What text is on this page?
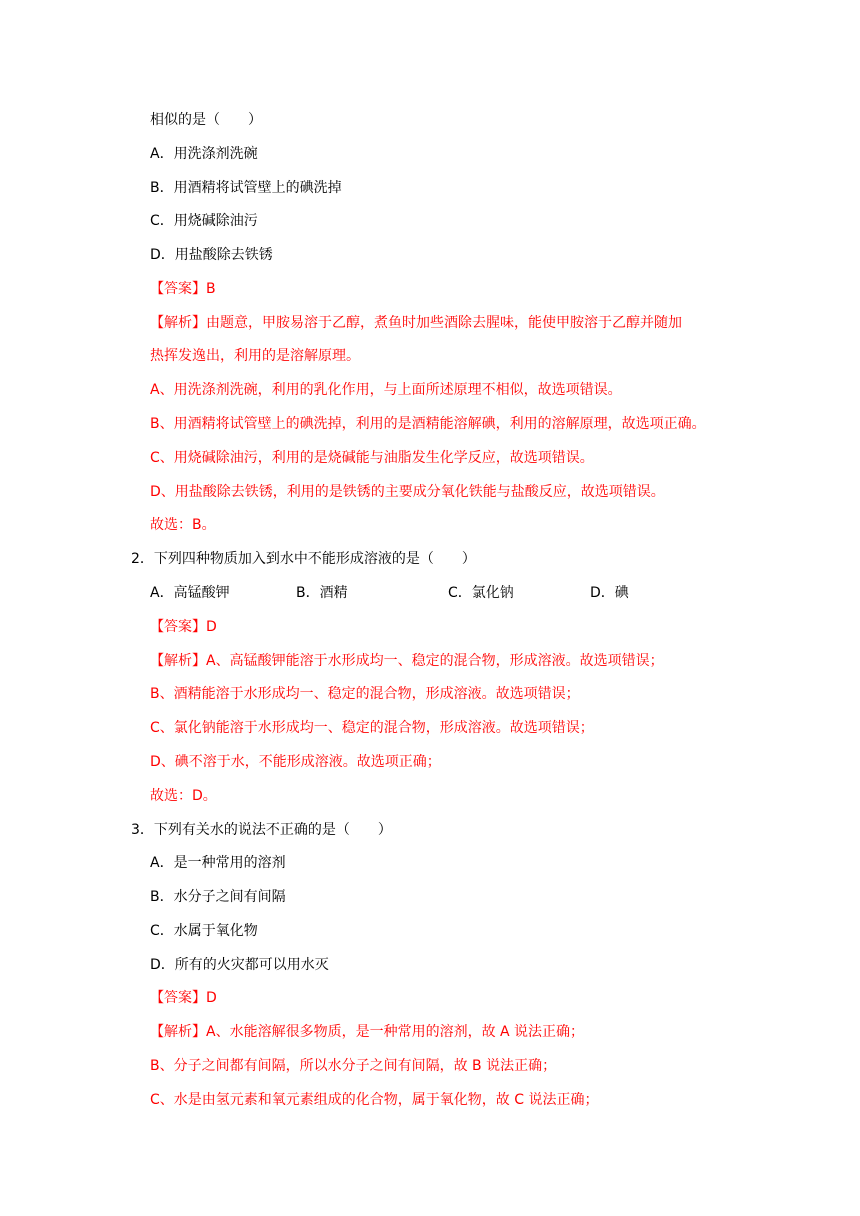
相似的是（　　）
A．用洗涤剂洗碗
B．用酒精将试管壁上的碘洗掉
C．用烧碱除油污
D．用盐酸除去铁锈
【答案】B
【解析】由题意，甲胺易溶于乙醇，煮鱼时加些酒除去腥味，能使甲胺溶于乙醇并随加
热挥发逸出，利用的是溶解原理。
A、用洗涤剂洗碗，利用的乳化作用，与上面所述原理不相似，故选项错误。
B、用酒精将试管壁上的碘洗掉，利用的是酒精能溶解碘，利用的溶解原理，故选项正确。
C、用烧碱除油污，利用的是烧碱能与油脂发生化学反应，故选项错误。
D、用盐酸除去铁锈，利用的是铁锈的主要成分氧化铁能与盐酸反应，故选项错误。
故选：B。
2．下列四种物质加入到水中不能形成溶液的是（　　）
A．高锰酸钾	B．酒精	C．氯化钠	D．碘
【答案】D
【解析】A、高锰酸钾能溶于水形成均一、稳定的混合物，形成溶液。故选项错误；
B、酒精能溶于水形成均一、稳定的混合物，形成溶液。故选项错误；
C、氯化钠能溶于水形成均一、稳定的混合物，形成溶液。故选项错误；
D、碘不溶于水，不能形成溶液。故选项正确；
故选：D。
3．下列有关水的说法不正确的是（　　）
A．是一种常用的溶剂
B．水分子之间有间隔
C．水属于氧化物
D．所有的火灾都可以用水灭
【答案】D
【解析】A、水能溶解很多物质，是一种常用的溶剂，故 A 说法正确；
B、分子之间都有间隔，所以水分子之间有间隔，故 B 说法正确；
C、水是由氢元素和氧元素组成的化合物，属于氧化物，故 C 说法正确；
